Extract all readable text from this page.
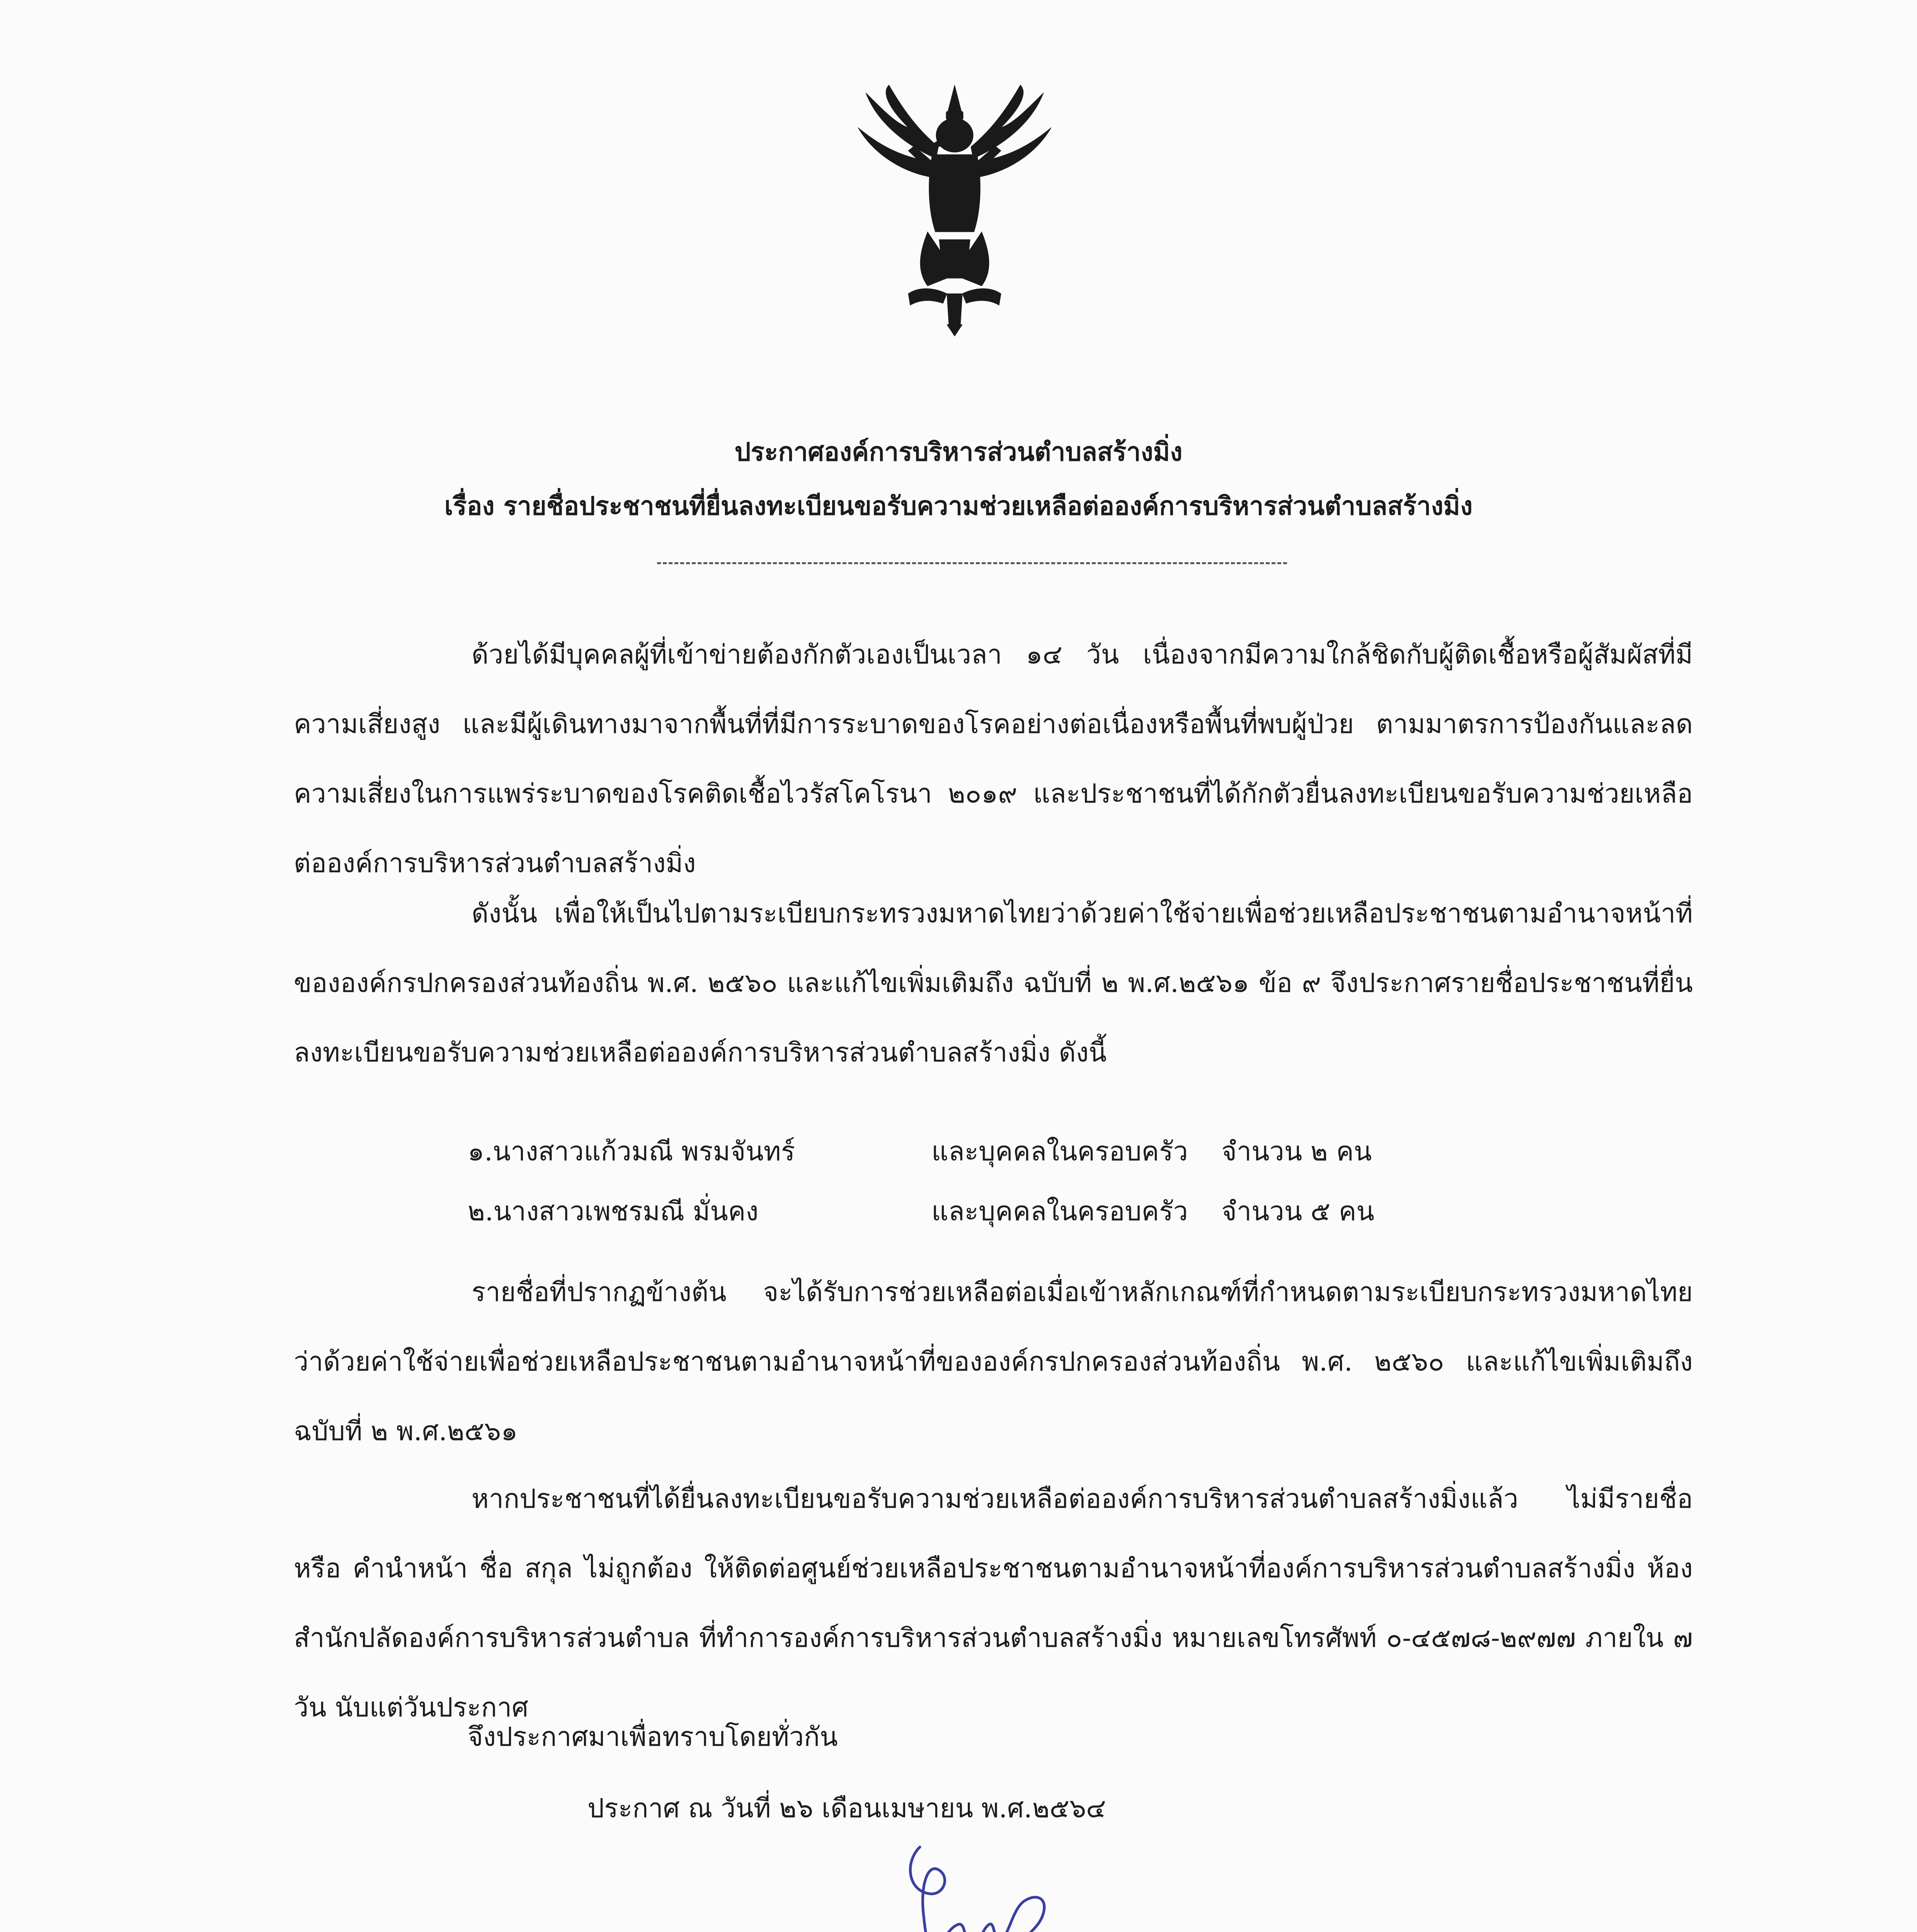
ประกาศองค์การบริหารส่วนตำบลสร้างมิ่ง
เรื่อง รายชื่อประชาชนที่ยื่นลงทะเบียนขอรับความช่วยเหลือต่อองค์การบริหารส่วนตำบลสร้างมิ่ง

ด้วยได้มีบุคคลผู้ที่เข้าข่ายต้องกักตัวเองเป็นเวลา ๑๔ วัน เนื่องจากมีความใกล้ชิดกับผู้ติดเชื้อหรือผู้สัมผัสที่มีความเสี่ยงสูง และมีผู้เดินทางมาจากพื้นที่ที่มีการระบาดของโรคอย่างต่อเนื่องหรือพื้นที่พบผู้ป่วย ตามมาตรการป้องกันและลดความเสี่ยงในการแพร่ระบาดของโรคติดเชื้อไวรัสโคโรนา ๒๐๑๙ และประชาชนที่ได้กักตัวยื่นลงทะเบียนขอรับความช่วยเหลือต่อองค์การบริหารส่วนตำบลสร้างมิ่ง

ดังนั้น เพื่อให้เป็นไปตามระเบียบกระทรวงมหาดไทยว่าด้วยค่าใช้จ่ายเพื่อช่วยเหลือประชาชนตามอำนาจหน้าที่ขององค์กรปกครองส่วนท้องถิ่น พ.ศ. ๒๕๖๐ และแก้ไขเพิ่มเติมถึง ฉบับที่ ๒ พ.ศ.๒๕๖๑ ข้อ ๙ จึงประกาศรายชื่อประชาชนที่ยื่นลงทะเบียนขอรับความช่วยเหลือต่อองค์การบริหารส่วนตำบลสร้างมิ่ง ดังนี้

๑.นางสาวแก้วมณี พรมจันทร์	และบุคคลในครอบครัว จำนวน ๒ คน
๒.นางสาวเพชรมณี มั่นคง	และบุคคลในครอบครัว จำนวน ๕ คน

รายชื่อที่ปรากฏข้างต้น จะได้รับการช่วยเหลือต่อเมื่อเข้าหลักเกณฑ์ที่กำหนดตามระเบียบกระทรวงมหาดไทยว่าด้วยค่าใช้จ่ายเพื่อช่วยเหลือประชาชนตามอำนาจหน้าที่ขององค์กรปกครองส่วนท้องถิ่น พ.ศ. ๒๕๖๐ และแก้ไขเพิ่มเติมถึง ฉบับที่ ๒ พ.ศ.๒๕๖๑

หากประชาชนที่ได้ยื่นลงทะเบียนขอรับความช่วยเหลือต่อองค์การบริหารส่วนตำบลสร้างมิ่งแล้ว ไม่มีรายชื่อหรือ คำนำหน้า ชื่อ สกุล ไม่ถูกต้อง ให้ติดต่อศูนย์ช่วยเหลือประชาชนตามอำนาจหน้าที่องค์การบริหารส่วนตำบลสร้างมิ่ง ห้องสำนักปลัดองค์การบริหารส่วนตำบล ที่ทำการองค์การบริหารส่วนตำบลสร้างมิ่ง หมายเลขโทรศัพท์ ๐-๔๕๗๘-๒๙๗๗ ภายใน ๗ วัน นับแต่วันประกาศ

จึงประกาศมาเพื่อทราบโดยทั่วกัน
ประกาศ ณ วันที่ ๒๖ เดือนเมษายน พ.ศ.๒๕๖๔
